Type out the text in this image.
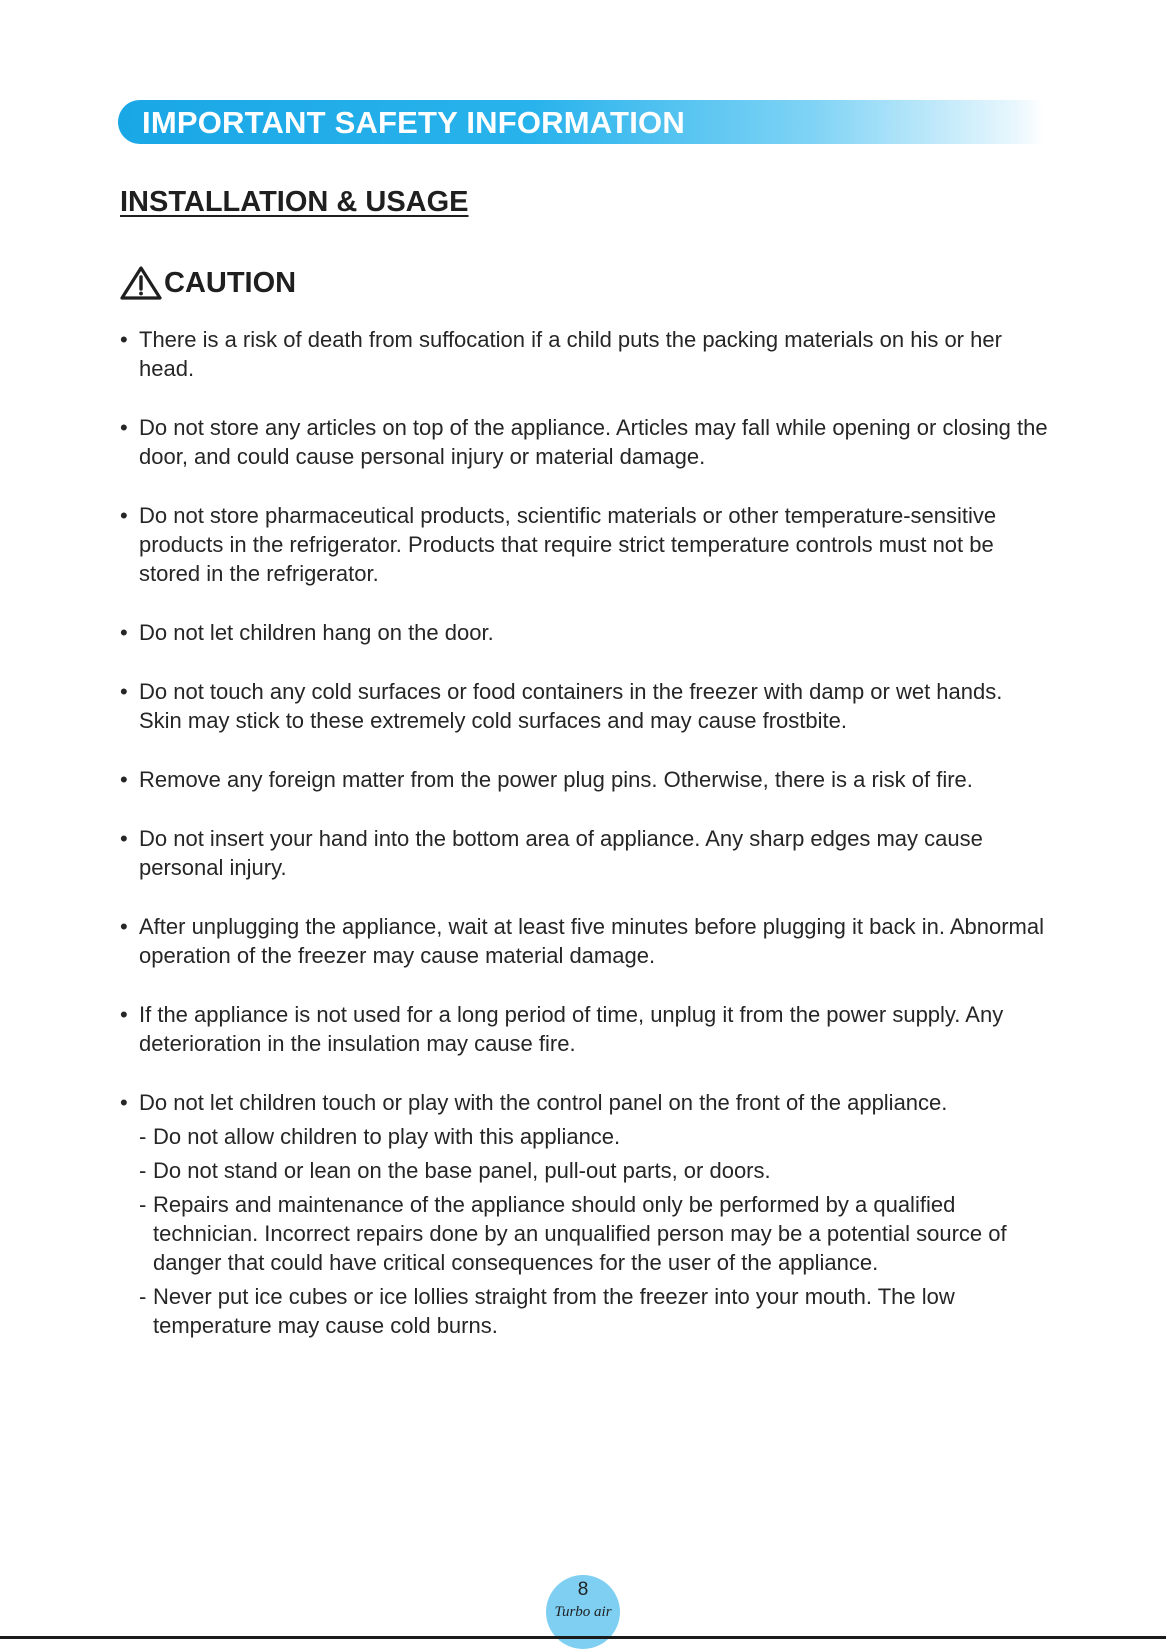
IMPORTANT SAFETY INFORMATION
INSTALLATION & USAGE
CAUTION
• There is a risk of death from suffocation if a child puts the packing materials on his or her head.
• Do not store any articles on top of the appliance. Articles may fall while opening or closing the door, and could cause personal injury or material damage.
• Do not store pharmaceutical products, scientific materials or other temperature-sensitive products in the refrigerator. Products that require strict temperature controls must not be stored in the refrigerator.
• Do not let children hang on the door.
• Do not touch any cold surfaces or food containers in the freezer with damp or wet hands. Skin may stick to these extremely cold surfaces and may cause frostbite.
• Remove any foreign matter from the power plug pins. Otherwise, there is a risk of fire.
• Do not insert your hand into the bottom area of appliance. Any sharp edges may cause personal injury.
• After unplugging the appliance, wait at least five minutes before plugging it back in. Abnormal operation of the freezer may cause material damage.
• If the appliance is not used for a long period of time, unplug it from the power supply. Any deterioration in the insulation may cause fire.
• Do not let children touch or play with the control panel on the front of the appliance.
- Do not allow children to play with this appliance.
- Do not stand or lean on the base panel, pull-out parts, or doors.
- Repairs and maintenance of the appliance should only be performed by a qualified technician. Incorrect repairs done by an unqualified person may be a potential source of danger that could have critical consequences for the user of the appliance.
- Never put ice cubes or ice lollies straight from the freezer into your mouth. The low temperature may cause cold burns.
8
Turbo air
